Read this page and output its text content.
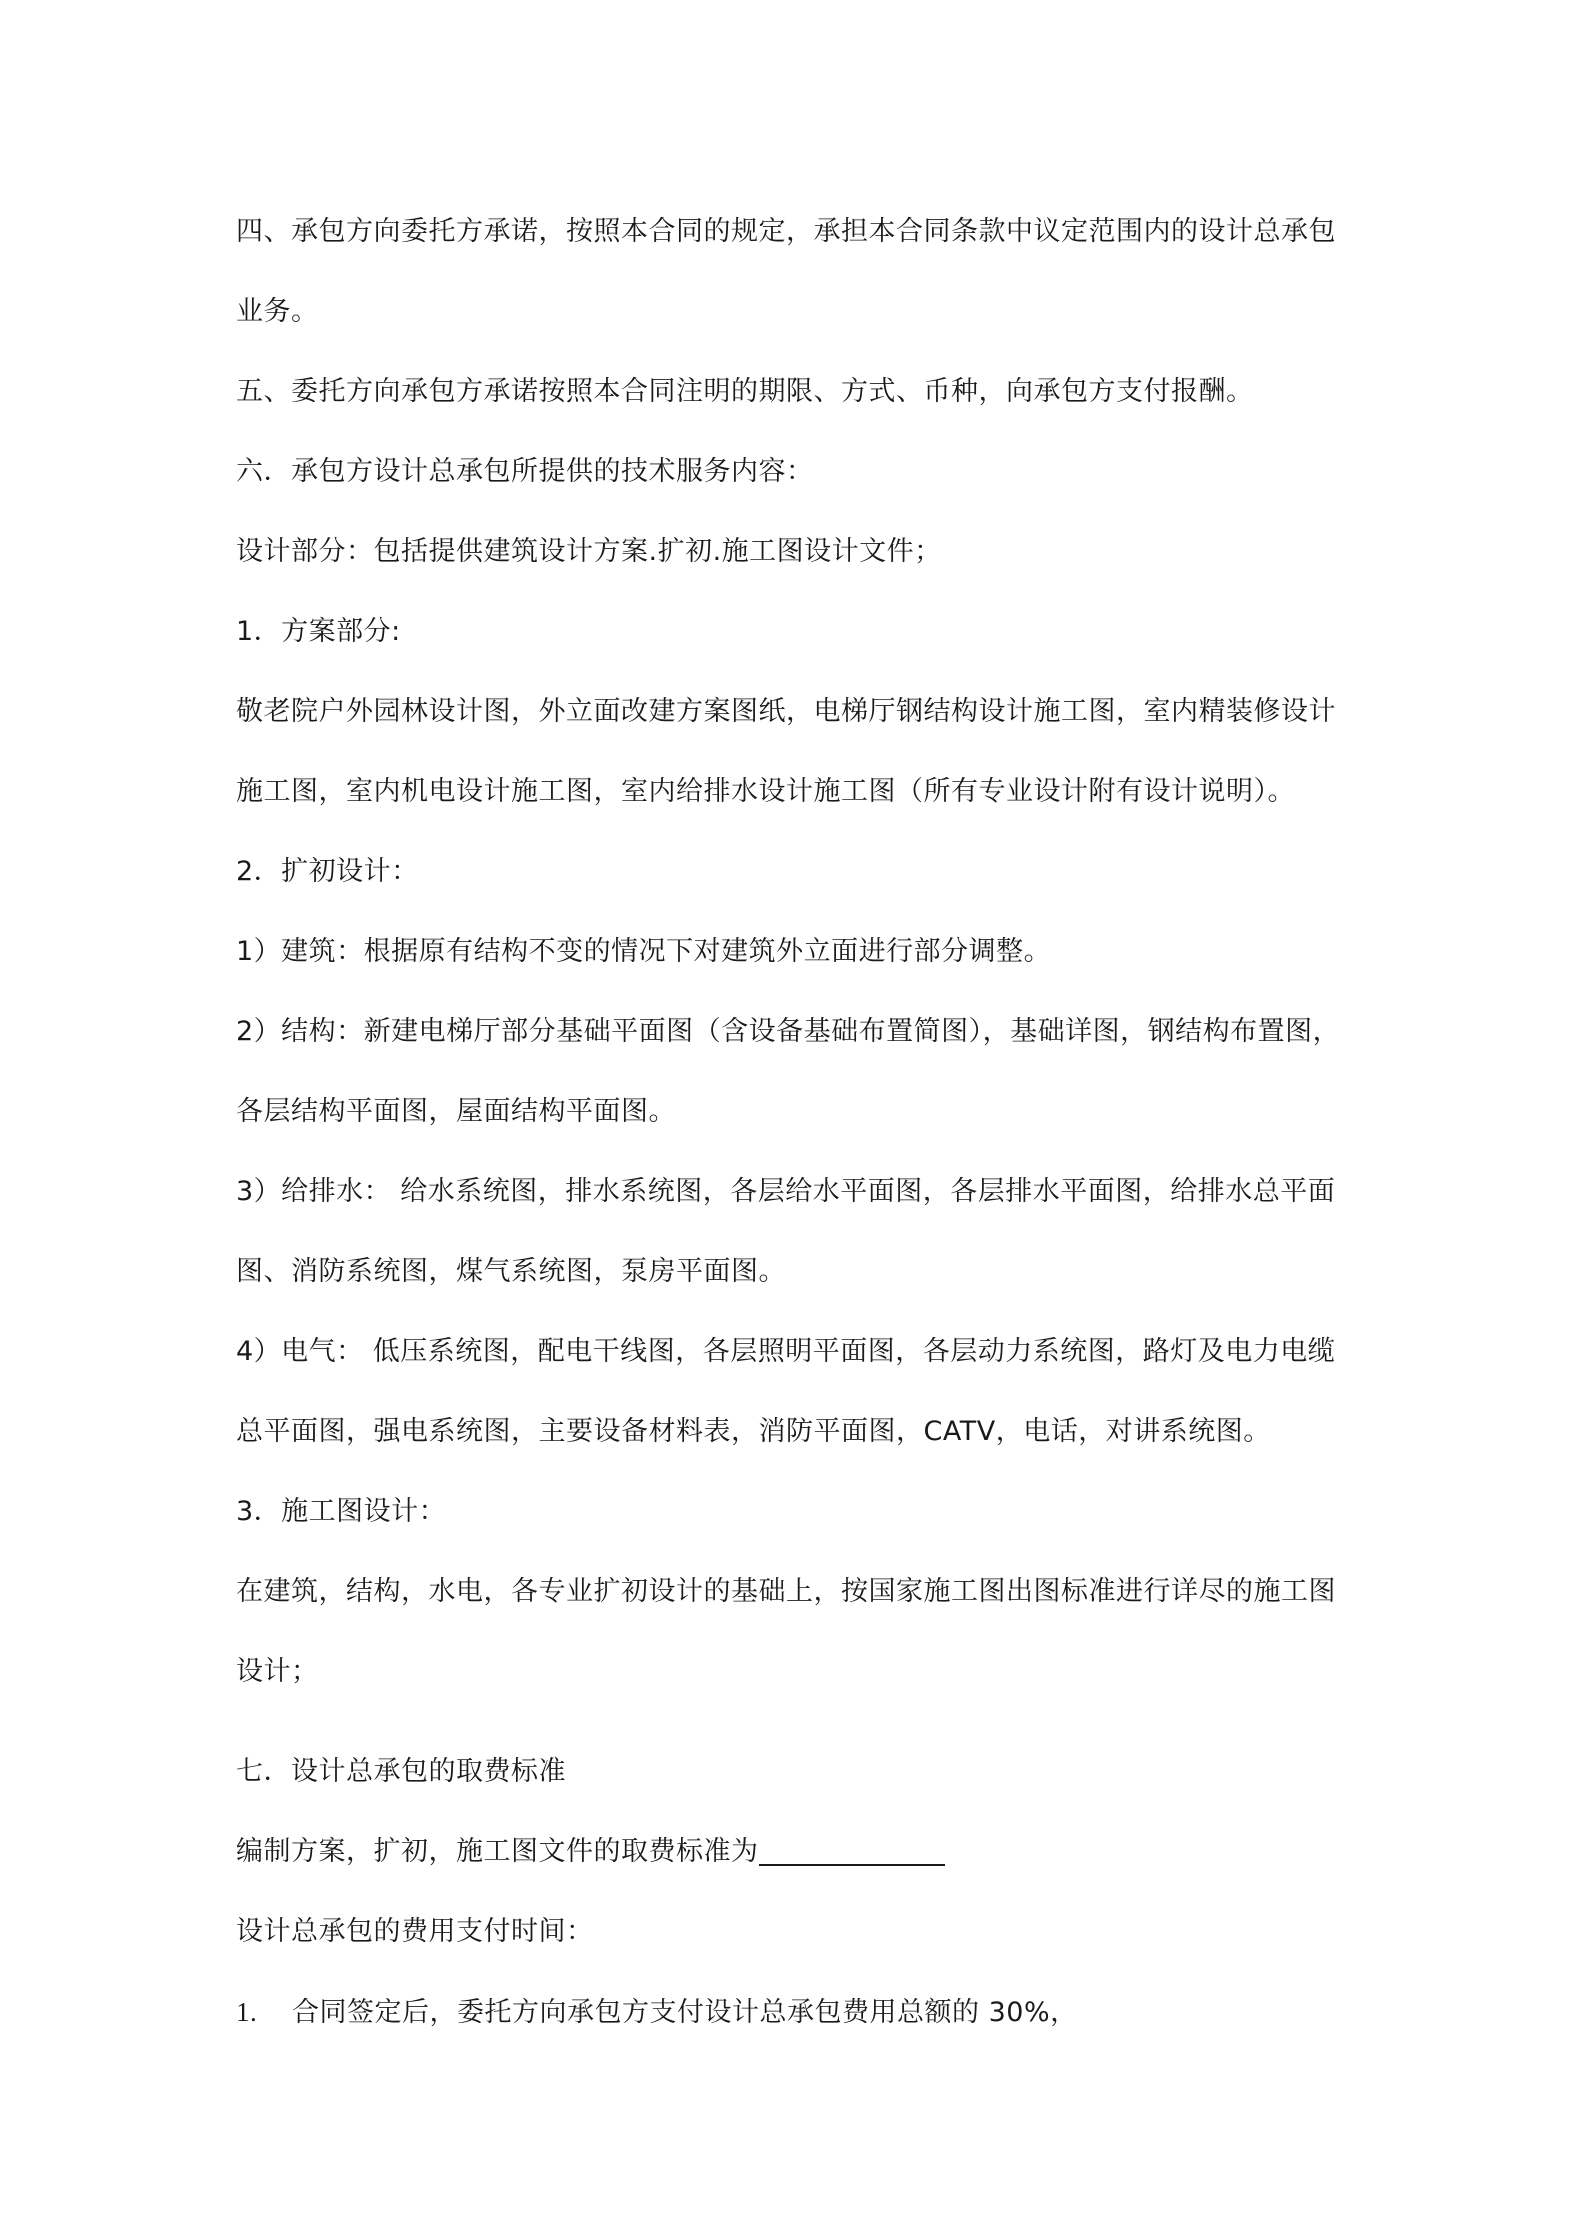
四、承包方向委托方承诺，按照本合同的规定，承担本合同条款中议定范围内的设计总承包
业务。
五、委托方向承包方承诺按照本合同注明的期限、方式、币种，向承包方支付报酬。
六．承包方设计总承包所提供的技术服务内容：
设计部分：包括提供建筑设计方案.扩初.施工图设计文件；
1．方案部分:
敬老院户外园林设计图，外立面改建方案图纸，电梯厅钢结构设计施工图，室内精装修设计
施工图，室内机电设计施工图，室内给排水设计施工图（所有专业设计附有设计说明）。
2．扩初设计：
1）建筑：根据原有结构不变的情况下对建筑外立面进行部分调整。
2）结构：新建电梯厅部分基础平面图（含设备基础布置简图），基础详图，钢结构布置图，
各层结构平面图，屋面结构平面图。
3）给排水： 给水系统图，排水系统图，各层给水平面图，各层排水平面图，给排水总平面
图、消防系统图，煤气系统图，泵房平面图。
4）电气： 低压系统图，配电干线图，各层照明平面图，各层动力系统图，路灯及电力电缆
总平面图，强电系统图，主要设备材料表，消防平面图，CATV，电话，对讲系统图。
3．施工图设计：
在建筑，结构，水电，各专业扩初设计的基础上，按国家施工图出图标准进行详尽的施工图
设计；
七．设计总承包的取费标准
编制方案，扩初，施工图文件的取费标准为
设计总承包的费用支付时间：
1. 合同签定后，委托方向承包方支付设计总承包费用总额的 30%，
